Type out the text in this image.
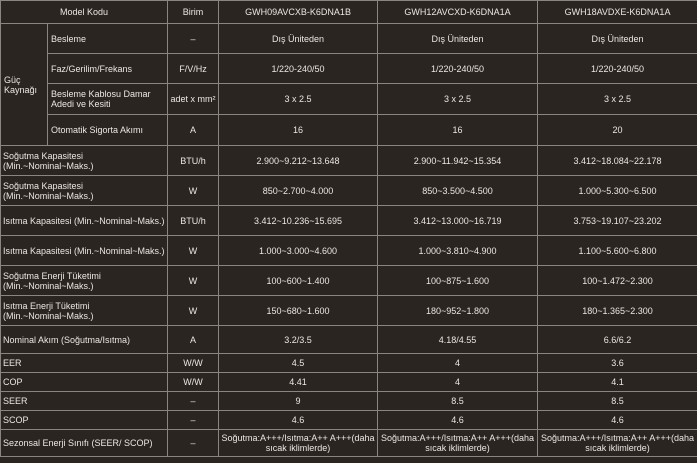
Model Kodu		Birim	GWH09AVCXB-K6DNA1B	GWH12AVCXD-K6DNA1A	GWH18AVDXE-K6DNA1A
Güç Kaynağı	Besleme	–	Dış Üniteden	Dış Üniteden	Dış Üniteden
	Faz/Gerilim/Frekans	F/V/Hz	1/220-240/50	1/220-240/50	1/220-240/50
	Besleme Kablosu Damar Adedi ve Kesiti	adet x mm²	3 x 2.5	3 x 2.5	3 x 2.5
	Otomatik Sigorta Akımı	A	16	16	20
Soğutma Kapasitesi (Min.~Nominal~Maks.)		BTU/h	2.900~9.212~13.648	2.900~11.942~15.354	3.412~18.084~22.178
Soğutma Kapasitesi (Min.~Nominal~Maks.)		W	850~2.700~4.000	850~3.500~4.500	1.000~5.300~6.500
Isıtma Kapasitesi (Min.~Nominal~Maks.)		BTU/h	3.412~10.236~15.695	3.412~13.000~16.719	3.753~19.107~23.202
Isıtma Kapasitesi (Min.~Nominal~Maks.)		W	1.000~3.000~4.600	1.000~3.810~4.900	1.100~5.600~6.800
Soğutma Enerji Tüketimi (Min.~Nominal~Maks.)		W	100~600~1.400	100~875~1.600	100~1.472~2.300
Isıtma Enerji Tüketimi (Min.~Nominal~Maks.)		W	150~680~1.600	180~952~1.800	180~1.365~2.300
Nominal Akım (Soğutma/Isıtma)		A	3.2/3.5	4.18/4.55	6.6/6.2
EER		W/W	4.5	4	3.6
COP		W/W	4.41	4	4.1
SEER		–	9	8.5	8.5
SCOP		–	4.6	4.6	4.6
Sezonsal Enerji Sınıfı (SEER/ SCOP)		–	Soğutma:A+++/Isıtma:A++ A+++(daha sıcak iklimlerde)	Soğutma:A+++/Isıtma:A++ A+++(daha sıcak iklimlerde)	Soğutma:A+++/Isıtma:A++ A+++(daha sıcak iklimlerde)
